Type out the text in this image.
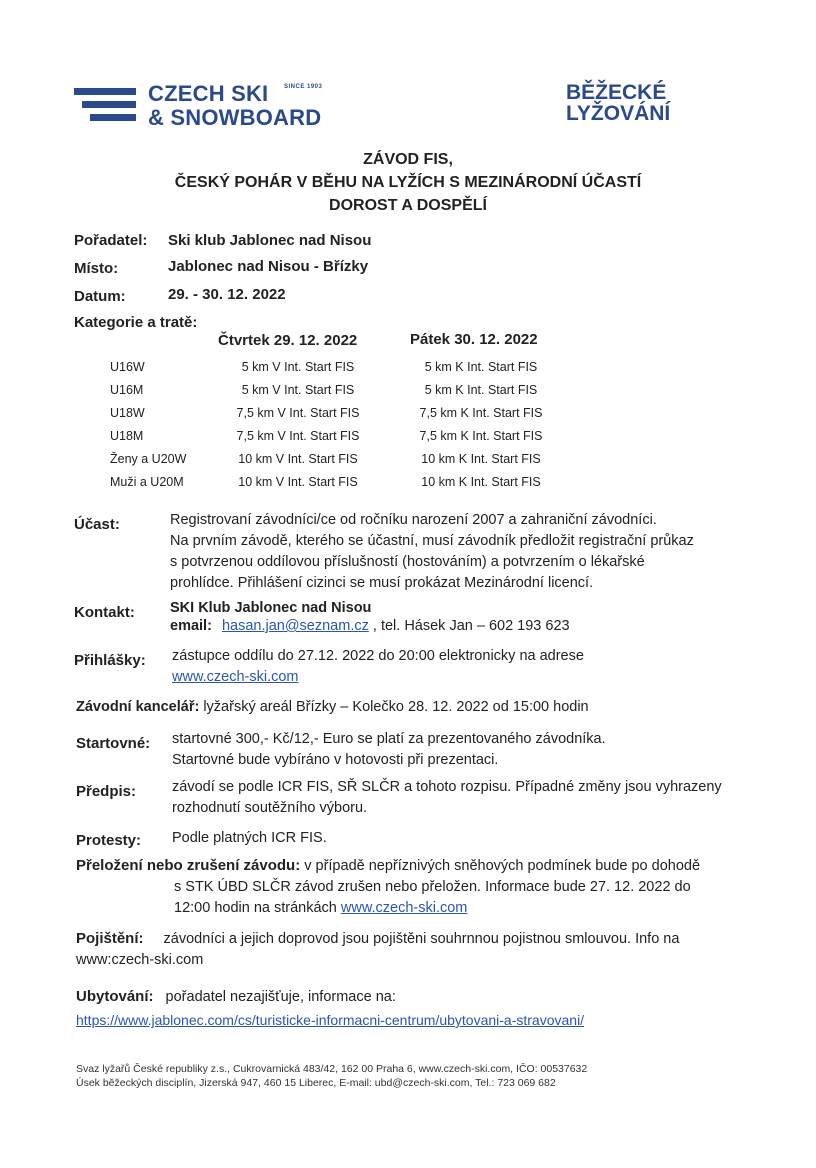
CZECH SKI
& SNOWBOARD
SINCE 1903	BĚŽECKÉ
LYŽOVÁNÍ
ZÁVOD FIS,
ČESKÝ POHÁR V BĚHU NA LYŽÍCH S MEZINÁRODNÍ ÚČASTÍ
DOROST A DOSPĚLÍ
Pořadatel: Ski klub Jablonec nad Nisou
Místo:	Jablonec nad Nisou - Břízky
Datum:	29. - 30. 12. 2022
Kategorie a tratě:
Čtvrtek 29. 12. 2022	Pátek 30. 12. 2022
U16W	5 km V Int. Start FIS	5 km K Int. Start FIS
U16M	5 km V Int. Start FIS	5 km K Int. Start FIS
U18W	7,5 km V Int. Start FIS	7,5 km K Int. Start FIS
U18M	7,5 km V Int. Start FIS	7,5 km K Int. Start FIS
Ženy a U20W	10 km V Int. Start FIS	10 km K Int. Start FIS
Muži a U20M	10 km V Int. Start FIS	10 km K Int. Start FIS
Účast:	Registrovaní závodníci/ce od ročníku narození 2007 a zahraniční závodníci.
Na prvním závodě, kterého se účastní, musí závodník předložit registrační průkaz
s potvrzenou oddílovou příslušností (hostováním) a potvrzením o lékařské
prohlídce. Přihlášení cizinci se musí prokázat Mezinárodní licencí.
Kontakt: SKI Klub Jablonec nad Nisou
email: hasan.jan@seznam.cz , tel. Hásek Jan – 602 193 623
Přihlášky: zástupce oddílu do 27.12. 2022 do 20:00 elektronicky na adrese
www.czech-ski.com
Závodní kancelář: lyžařský areál Břízky – Kolečko 28. 12. 2022 od 15:00 hodin
Startovné: startovné 300,- Kč/12,- Euro se platí za prezentovaného závodníka.
Startovné bude vybíráno v hotovosti při prezentaci.
Předpis: závodí se podle ICR FIS, SŘ SLČR a tohoto rozpisu. Případné změny jsou vyhrazeny
rozhodnutí soutěžního výboru.
Protesty: Podle platných ICR FIS.
Přeložení nebo zrušení závodu: v případě nepříznivých sněhových podmínek bude po dohodě
s STK ÚBD SLČR závod zrušen nebo přeložen. Informace bude 27. 12. 2022 do
12:00 hodin na stránkách www.czech-ski.com
Pojištění: závodníci a jejich doprovod jsou pojištěni souhrnnou pojistnou smlouvou. Info na
www:czech-ski.com
Ubytování: pořadatel nezajišťuje, informace na:
https://www.jablonec.com/cs/turisticke-informacni-centrum/ubytovani-a-stravovani/
Svaz lyžařů České republiky z.s., Cukrovarnická 483/42, 162 00 Praha 6, www.czech-ski.com, IČO: 00537632
Úsek běžeckých disciplín, Jizerská 947, 460 15 Liberec, E-mail: ubd@czech-ski.com, Tel.: 723 069 682
